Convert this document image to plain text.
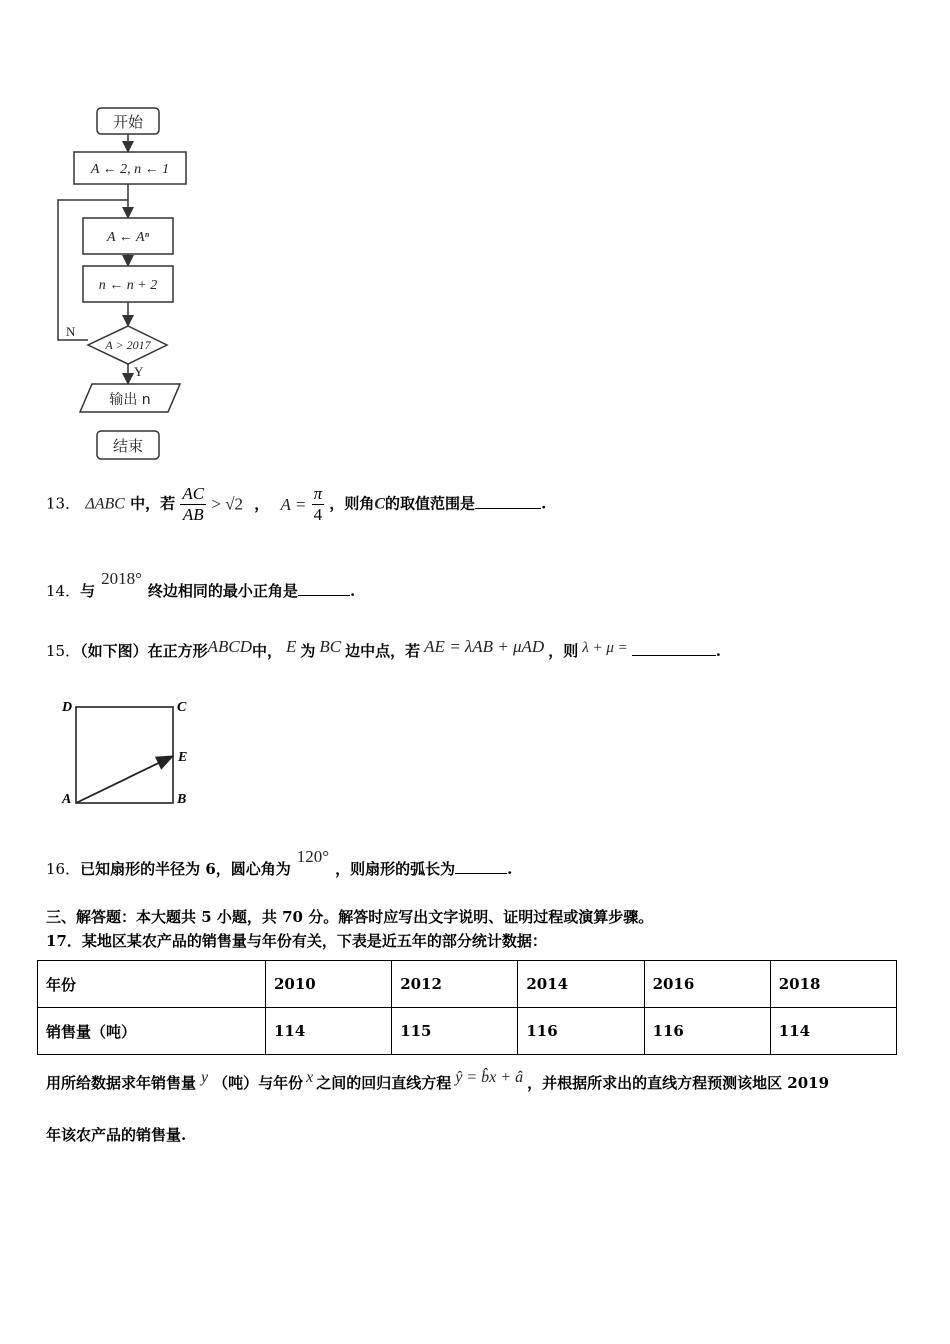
开始
输出 n
结束
A ← 2, n ← 1
A ← Aⁿ
n ← n + 2
A > 2017
N
Y
13． ΔABC 中，若 $\frac{AC}{AB} > √2$ ， $A = \frac{\pi}{4}$ ，则角C的取值范围是	.
14．与2018°终边相同的最小正角是	.
15．（如下图）在正方形ABCD中， E 为 BC 边中点，若 AE = λAB + μAD ，则 λ + μ =	.
D	C
E
A	B
16．已知扇形的半径为 6，圆心角为120°，则扇形的弧长为	.
三、解答题：本大题共 5 小题，共 70 分。解答时应写出文字说明、证明过程或演算步骤。
17．某地区某农产品的销售量与年份有关，下表是近五年的部分统计数据：
年份	2010	2012	2014	2016	2018
销售量（吨）	114	115	116	116	114
用所给数据求年销售量 y （吨）与年份 x 之间的回归直线方程 ŷ = b̂x + â ，并根据所求出的直线方程预测该地区 2019
年该农产品的销售量.
